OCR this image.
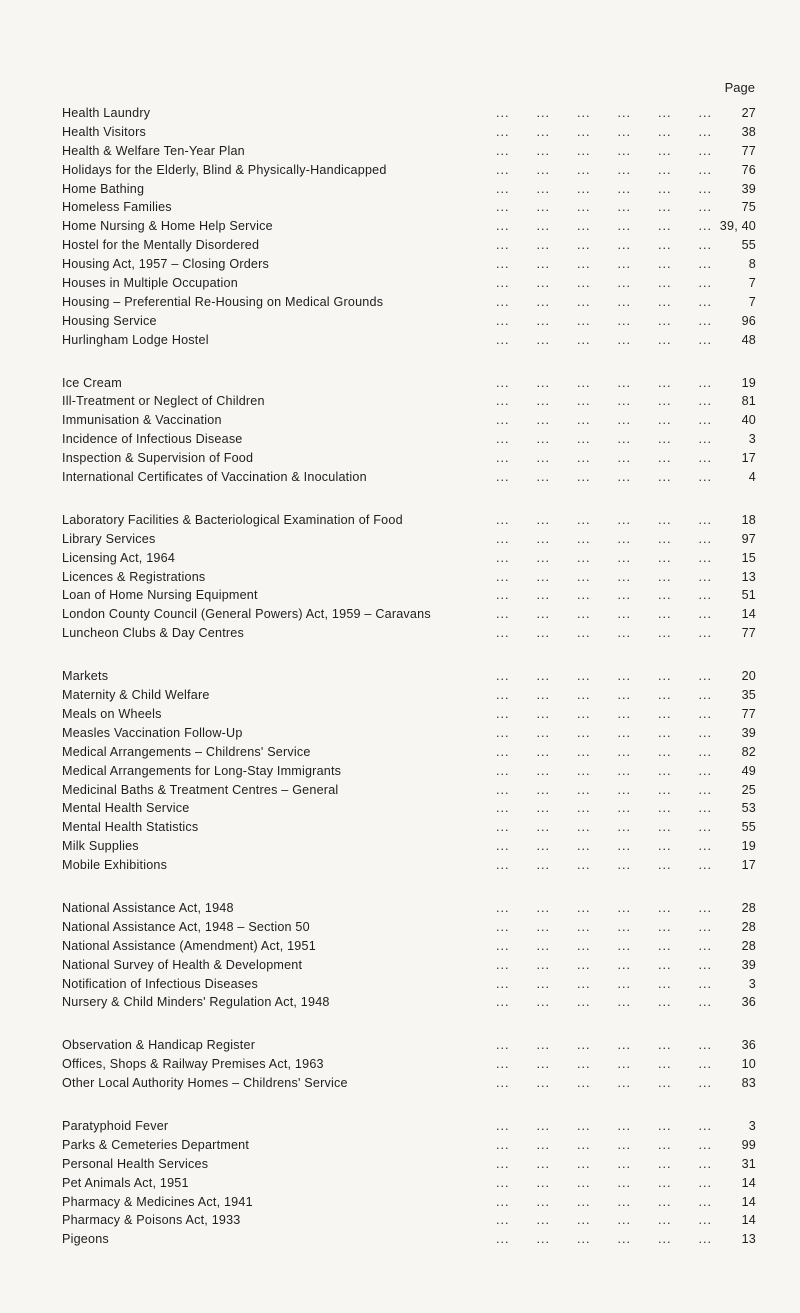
Page
...
Health Laundry	27
...
Health Visitors	38
...
Health & Welfare Ten-Year Plan	77
...
Holidays for the Elderly, Blind & Physically-Handicapped	76
...
Home Bathing	39
...
Homeless Families	75
...
Home Nursing & Home Help Service	39, 40
...
Hostel for the Mentally Disordered	55
...
Housing Act, 1957 – Closing Orders	8
...
Houses in Multiple Occupation	7
...
Housing – Preferential Re-Housing on Medical Grounds	7
...
Housing Service	96
...
Hurlingham Lodge Hostel	48
...
Ice Cream	19
...
Ill-Treatment or Neglect of Children	81
...
Immunisation & Vaccination	40
...
Incidence of Infectious Disease	3
...
Inspection & Supervision of Food	17
...
International Certificates of Vaccination & Inoculation	4
...
Laboratory Facilities & Bacteriological Examination of Food	18
...
Library Services	97
...
Licensing Act, 1964	15
...
Licences & Registrations	13
...
Loan of Home Nursing Equipment	51
...
London County Council (General Powers) Act, 1959 – Caravans	14
...
Luncheon Clubs & Day Centres	77
...
Markets	20
...
Maternity & Child Welfare	35
...
Meals on Wheels	77
...
Measles Vaccination Follow-Up	39
...
Medical Arrangements – Childrens' Service	82
...
Medical Arrangements for Long-Stay Immigrants	49
...
Medicinal Baths & Treatment Centres – General	25
...
Mental Health Service	53
...
Mental Health Statistics	55
...
Milk Supplies	19
...
Mobile Exhibitions	17
...
National Assistance Act, 1948	28
...
National Assistance Act, 1948 – Section 50	28
...
National Assistance (Amendment) Act, 1951	28
...
National Survey of Health & Development	39
...
Notification of Infectious Diseases	3
...
Nursery & Child Minders' Regulation Act, 1948	36
...
Observation & Handicap Register	36
...
Offices, Shops & Railway Premises Act, 1963	10
...
Other Local Authority Homes – Childrens' Service	83
...
Paratyphoid Fever	3
...
Parks & Cemeteries Department	99
...
Personal Health Services	31
...
Pet Animals Act, 1951	14
...
Pharmacy & Medicines Act, 1941	14
...
Pharmacy & Poisons Act, 1933	14
...
Pigeons	13
